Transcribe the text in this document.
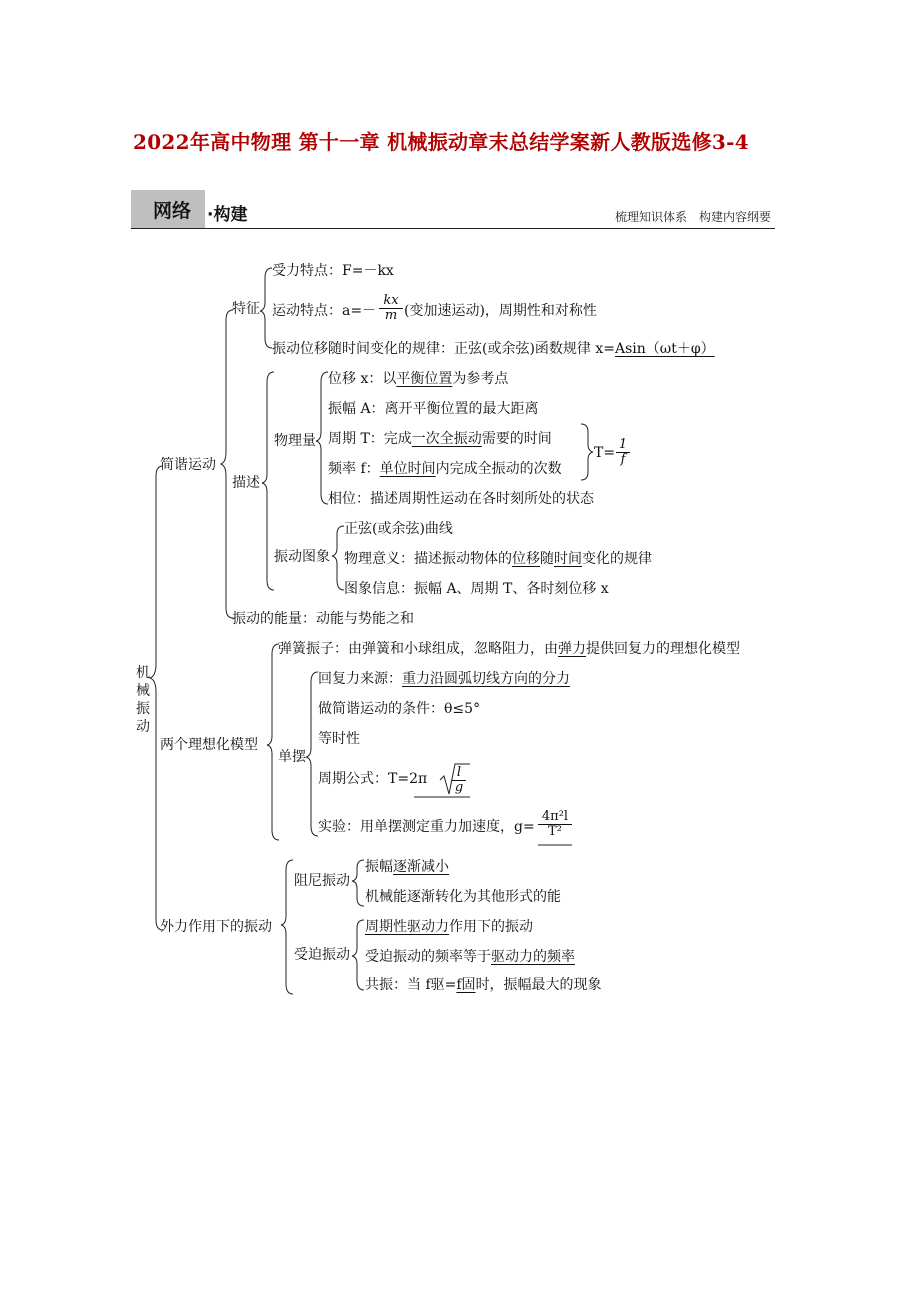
2022年高中物理 第十一章 机械振动章末总结学案新人教版选修3-4
网络 ·构建	梳理知识体系　构建内容纲要
机械振动
简谐运动
两个理想化模型
外力作用下的振动
特征
描述
振动的能量：动能与势能之和
受力特点：F=－kx
运动特点：$a=- \frac{kx}{m}$ (变加速运动)，周期性和对称性
振动位移随时间变化的规律：正弦(或余弦)函数规律 x=Asin（ωt＋φ）
物理量
振动图象
位移 x：以平衡位置为参考点
振幅 A：离开平衡位置的最大距离
周期 T：完成一次全振动需要的时间
频率 f：单位时间内完成全振动的次数
相位：描述周期性运动在各时刻所处的状态
$T= \frac{1}{f}$
正弦(或余弦)曲线
物理意义：描述振动物体的位移随时间变化的规律
图象信息：振幅 A、周期 T、各时刻位移 x
弹簧振子：由弹簧和小球组成，忽略阻力，由弹力提供回复力的理想化模型
单摆
回复力来源：重力沿圆弧切线方向的分力
做简谐运动的条件：θ≤5°
等时性
周期公式：$T=2\pi \frac{l}{g}$
实验：用单摆测定重力加速度，$g= \frac{\text{4π²l}}{\text{T²}}$
阻尼振动
受迫振动
振幅逐渐减小
机械能逐渐转化为其他形式的能
周期性驱动力作用下的振动
受迫振动的频率等于驱动力的频率
共振：当 f驱=f固时，振幅最大的现象
